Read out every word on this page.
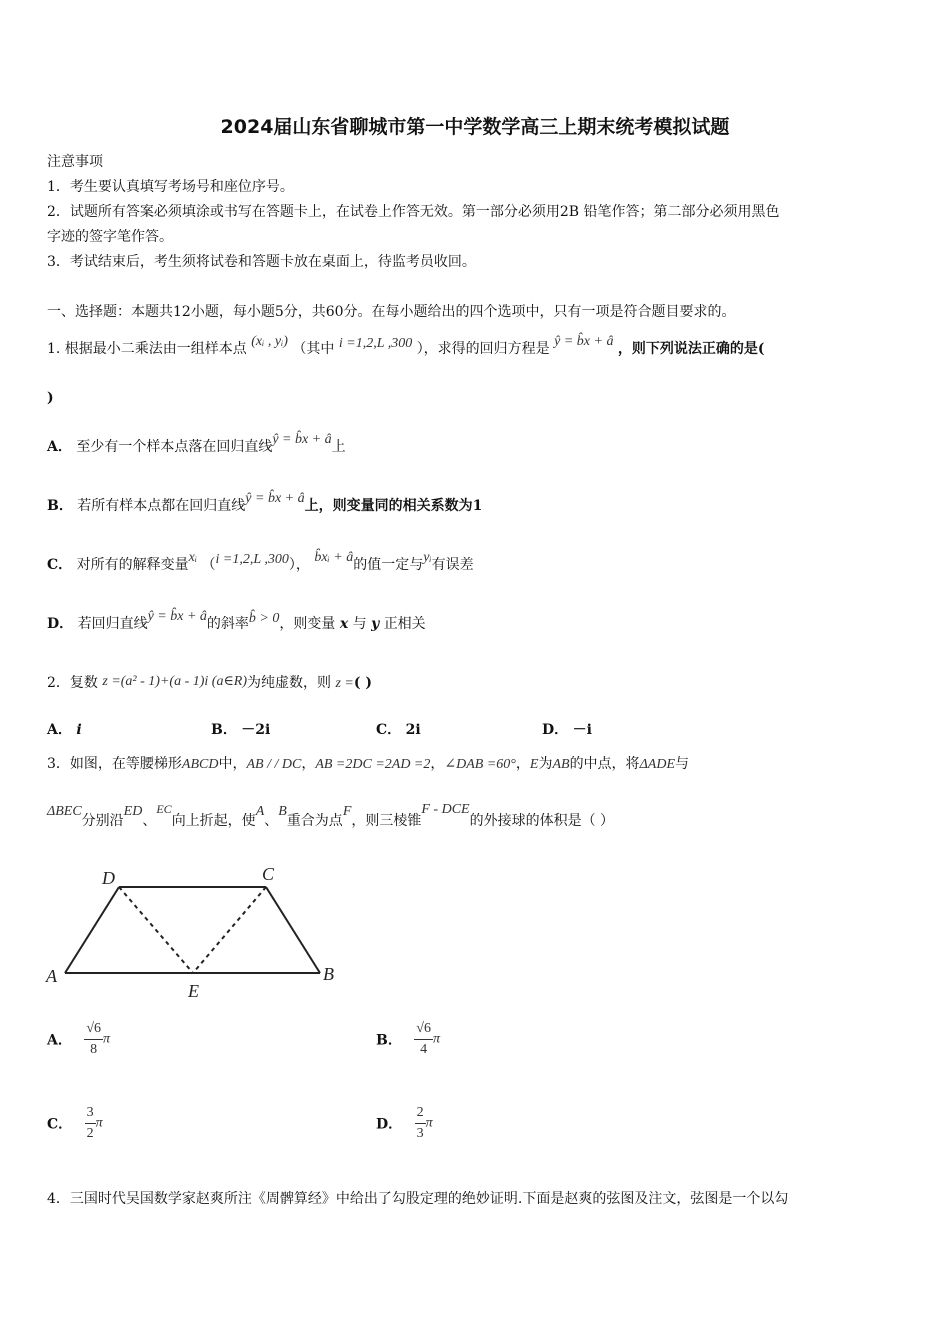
2024届山东省聊城市第一中学数学高三上期末统考模拟试题
注意事项
1．考生要认真填写考场号和座位序号。
2．试题所有答案必须填涂或书写在答题卡上，在试卷上作答无效。第一部分必须用2B 铅笔作答；第二部分必须用黑色
字迹的签字笔作答。
3．考试结束后，考生须将试卷和答题卡放在桌面上，待监考员收回。
一、选择题：本题共12小题，每小题5分，共60分。在每小题给出的四个选项中，只有一项是符合题目要求的。
1. 根据最小二乘法由一组样本点 (xᵢ , yᵢ) （其中 i =1,2,L ,300 ），求得的回归方程是 ŷ = b̂x + â ，则下列说法正确的是(
)
A． 至少有一个样本点落在回归直线ŷ = b̂x + â上
B． 若所有样本点都在回归直线ŷ = b̂x + â上，则变量同的相关系数为1
C． 对所有的解释变量xᵢ （i =1,2,L ,300）， b̂xᵢ + â的值一定与yᵢ有误差
D． 若回归直线ŷ = b̂x + â的斜率b̂ > 0，则变量 x 与 y 正相关
2．复数 z =(a² - 1)+(a - 1)i (a∈R)为纯虚数，则 z =( )
A． i	B． －2i	C． 2i	D． －i
3．如图，在等腰梯形ABCD中，AB / / DC，AB =2DC =2AD =2，∠DAB =60°，E为AB的中点，将ΔADE与
ΔBEC分别沿ED、EC向上折起，使A、B重合为点F，则三棱锥F - DCE的外接球的体积是（ ）
A	B
C
D
E
A． $\frac{√6}{8}$ π	B． $\frac{√6}{4}$ π
C． $\frac{3}{2}$ π	D． $\frac{2}{3}$ π
4．三国时代吴国数学家赵爽所注《周髀算经》中给出了勾股定理的绝妙证明.下面是赵爽的弦图及注文，弦图是一个以勾
